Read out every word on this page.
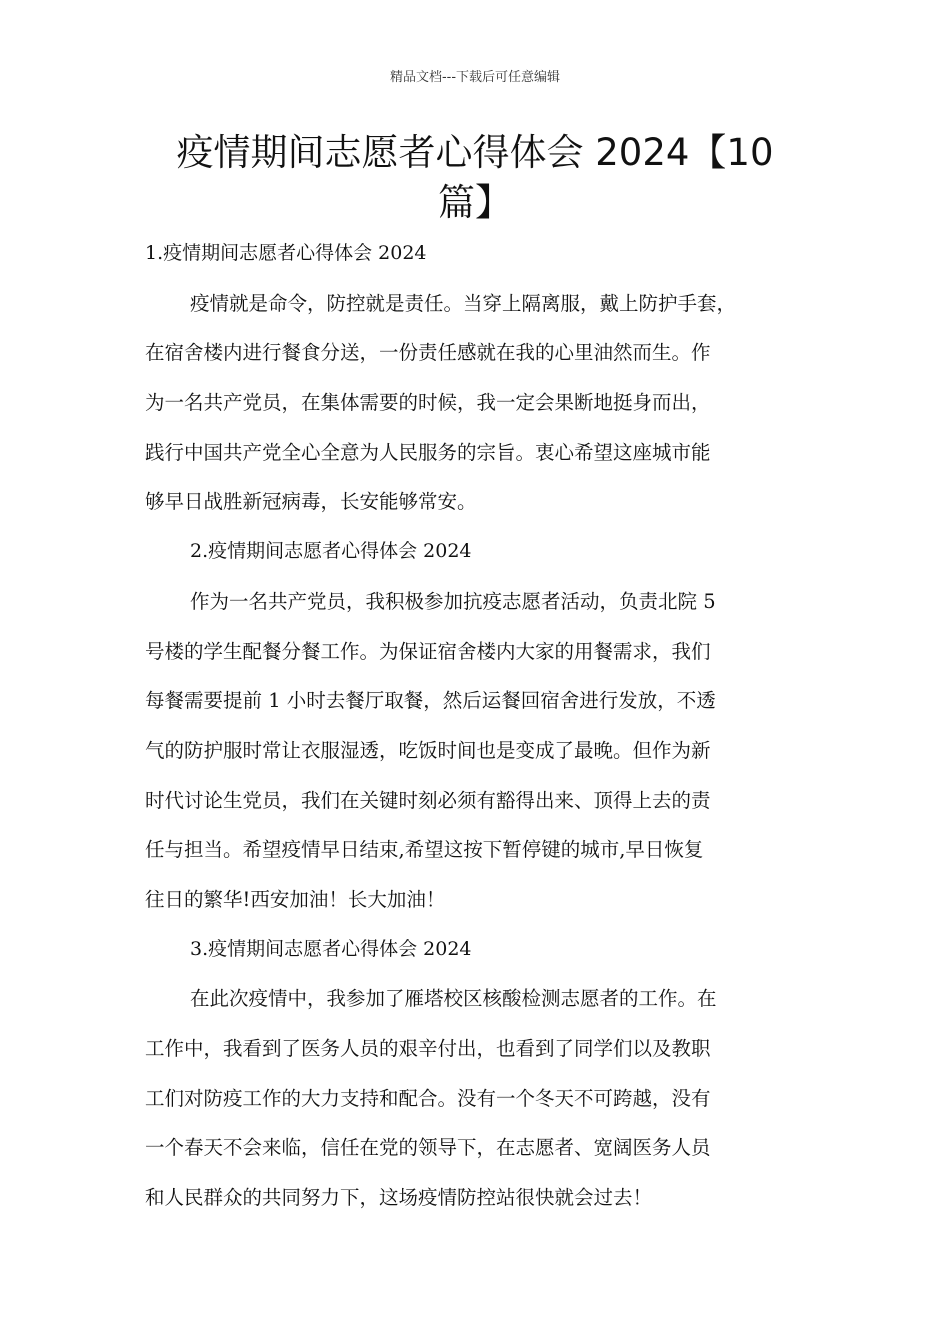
精品文档---下载后可任意编辑
疫情期间志愿者心得体会 2024【10
篇】
1.疫情期间志愿者心得体会 2024
疫情就是命令，防控就是责任。当穿上隔离服，戴上防护手套，
在宿舍楼内进行餐食分送，一份责任感就在我的心里油然而生。作
为一名共产党员，在集体需要的时候，我一定会果断地挺身而出，
践行中国共产党全心全意为人民服务的宗旨。衷心希望这座城市能
够早日战胜新冠病毒，长安能够常安。
2.疫情期间志愿者心得体会 2024
作为一名共产党员，我积极参加抗疫志愿者活动，负责北院 5
号楼的学生配餐分餐工作。为保证宿舍楼内大家的用餐需求，我们
每餐需要提前 1 小时去餐厅取餐，然后运餐回宿舍进行发放，不透
气的防护服时常让衣服湿透，吃饭时间也是变成了最晚。但作为新
时代讨论生党员，我们在关键时刻必须有豁得出来、顶得上去的责
任与担当。希望疫情早日结束,希望这按下暂停键的城市,早日恢复
往日的繁华!西安加油！长大加油！
3.疫情期间志愿者心得体会 2024
在此次疫情中，我参加了雁塔校区核酸检测志愿者的工作。在
工作中，我看到了医务人员的艰辛付出，也看到了同学们以及教职
工们对防疫工作的大力支持和配合。没有一个冬天不可跨越，没有
一个春天不会来临，信任在党的领导下，在志愿者、宽阔医务人员
和人民群众的共同努力下，这场疫情防控站很快就会过去！
